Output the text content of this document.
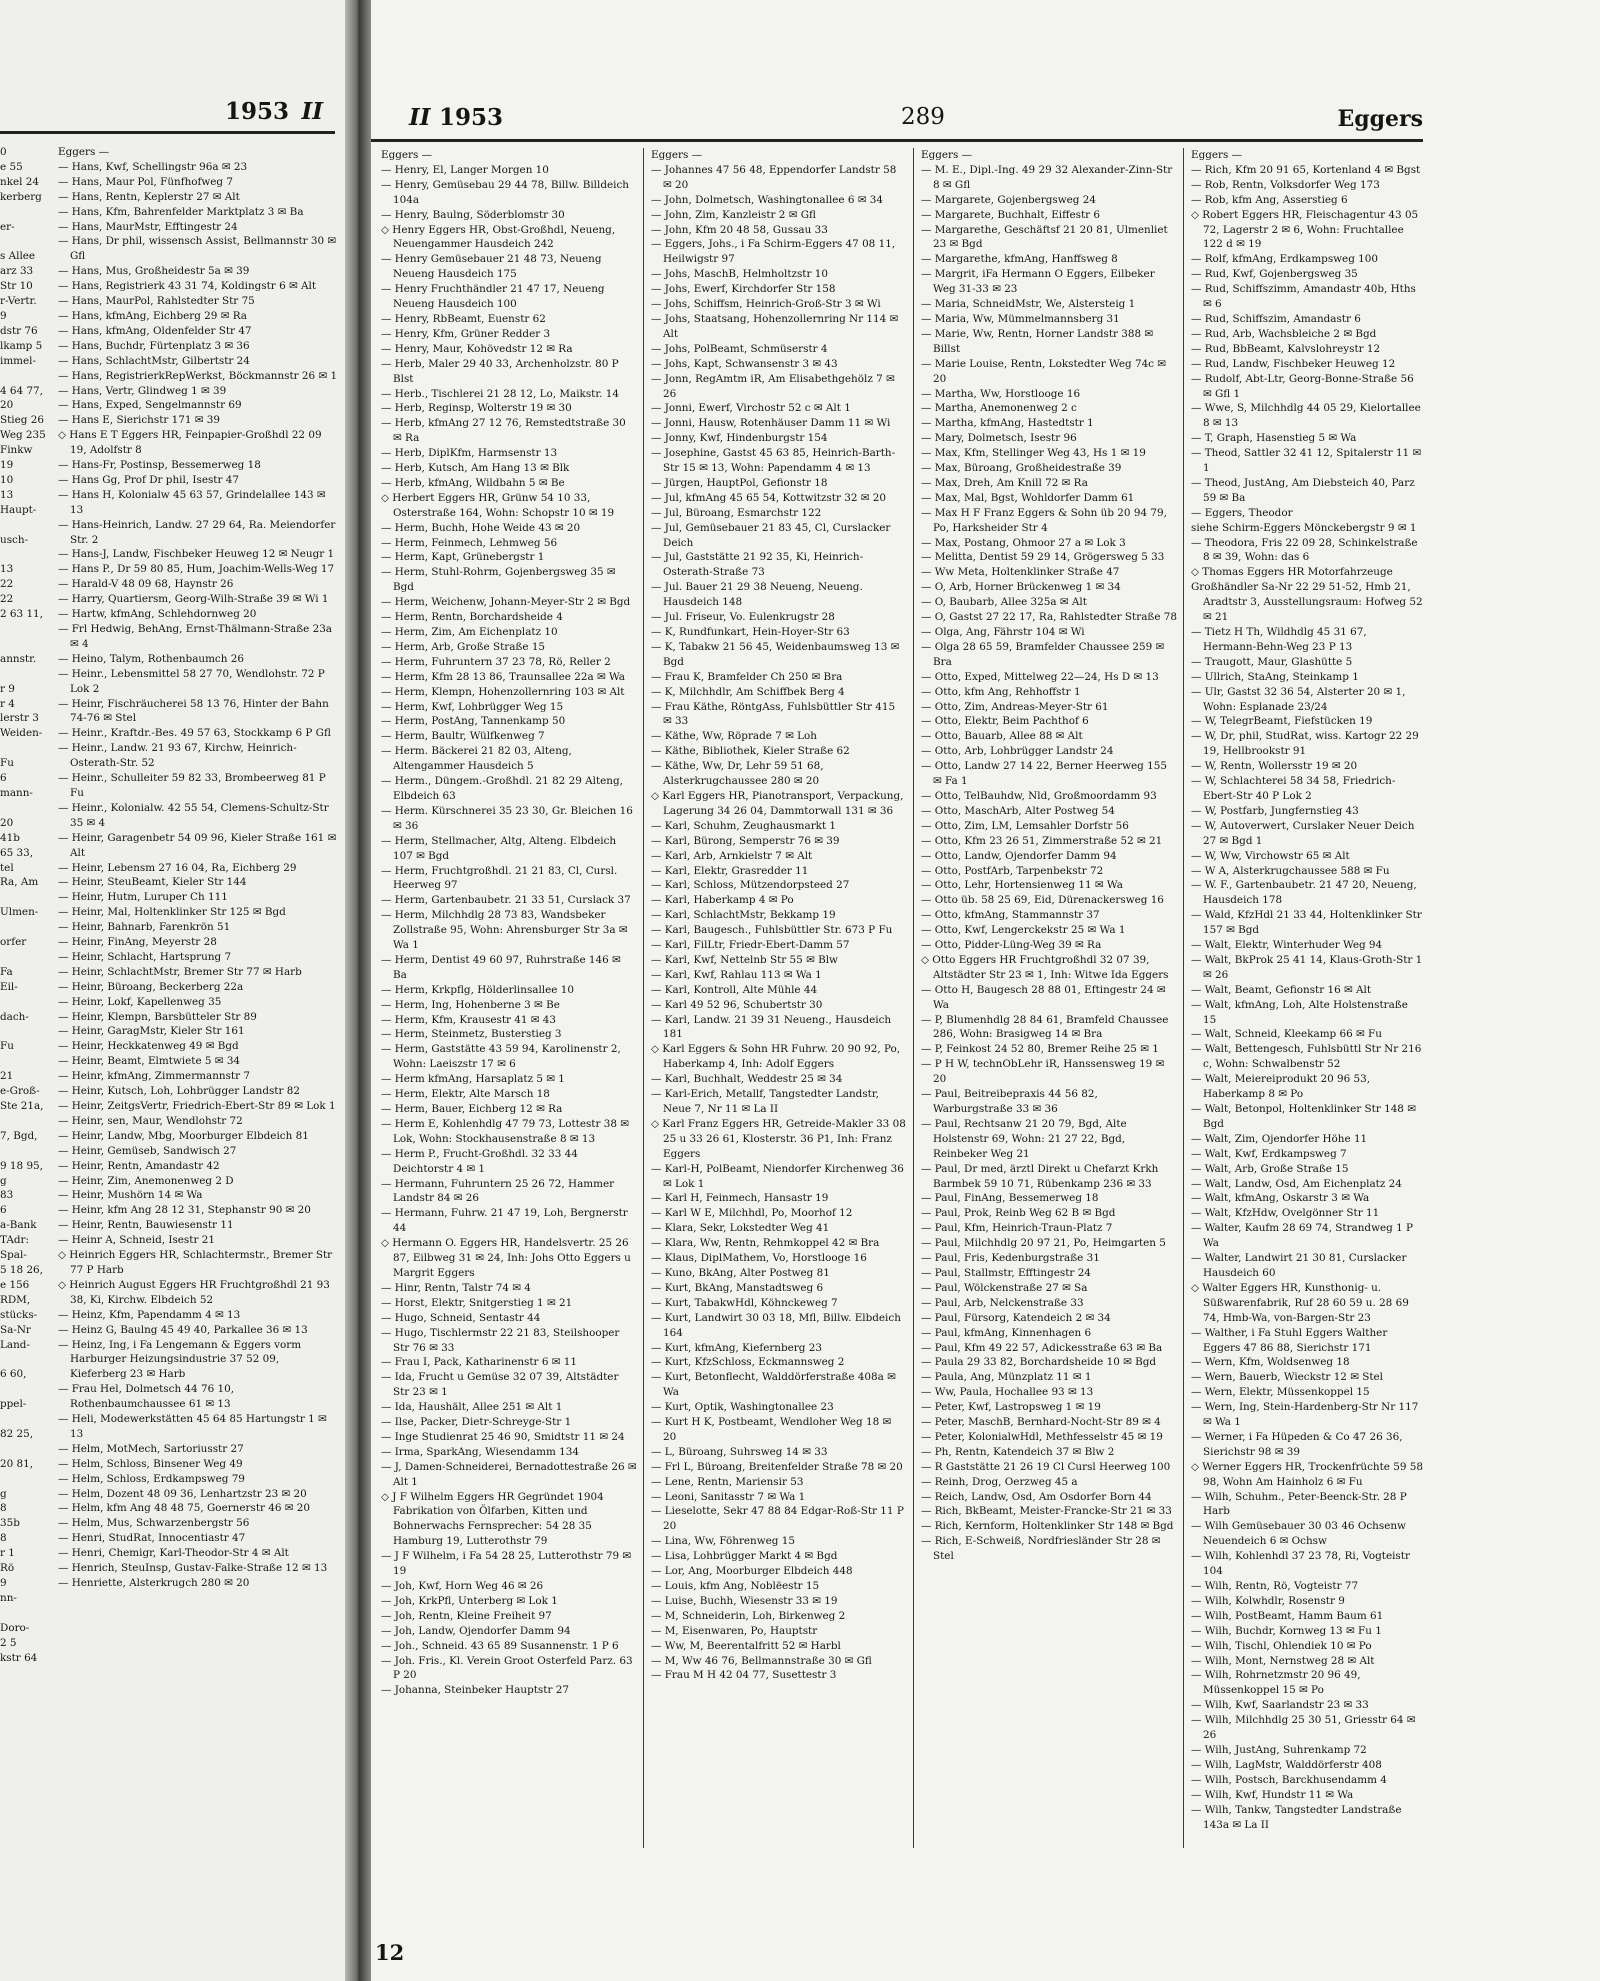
1953 II
0
e 55
nkel 24
kerberg

er-

s Allee
arz 33
Str 10
r-Vertr.
9
dstr 76
lkamp 5
immel-

4 64 77,
20
Stieg 26
Weg 235
Finkw
19
10
13
Haupt-

usch-

13
22
22
2 63 11,

annstr.

r 9
r 4
lerstr 3
Weiden-

Fu
6
mann-

20
41b
65 33,
tel
Ra, Am

Ulmen-

orfer

Fa
Eil-

dach-

Fu

21
e-Groß-
Ste 21a,

7, Bgd,

9 18 95,
g
83
6
a-Bank
TAdr:
Spal-
5 18 26,
e 156
RDM,
stücks-
Sa-Nr
Land-

6 60,

ppel-

82 25,

20 81,

g
8
35b
8
r 1
Rö
9
nn-

Doro-
2 5
kstr 64
Eggers —
— Hans, Kwf, Schellingstr 96a ✉ 23
— Hans, Maur Pol, Fünfhofweg 7
— Hans, Rentn, Keplerstr 27 ✉ Alt
— Hans, Kfm, Bahrenfelder Marktplatz 3 ✉ Ba
— Hans, MaurMstr, Efftingestr 24
— Hans, Dr phil, wissensch Assist, Bellmannstr 30 ✉ Gfl
— Hans, Mus, Großheidestr 5a ✉ 39
— Hans, Registrierk 43 31 74, Koldingstr 6 ✉ Alt
— Hans, MaurPol, Rahlstedter Str 75
— Hans, kfmAng, Eichberg 29 ✉ Ra
— Hans, kfmAng, Oldenfelder Str 47
— Hans, Buchdr, Fürtenplatz 3 ✉ 36
— Hans, SchlachtMstr, Gilbertstr 24
— Hans, RegistrierkRepWerkst, Böckmannstr 26 ✉ 1
— Hans, Vertr, Glindweg 1 ✉ 39
— Hans, Exped, Sengelmannstr 69
— Hans E, Sierichstr 171 ✉ 39
◇ Hans E T Eggers HR, Feinpapier-Großhdl 22 09 19, Adolfstr 8
— Hans-Fr, Postinsp, Bessemerweg 18
— Hans Gg, Prof Dr phil, Isestr 47
— Hans H, Kolonialw 45 63 57, Grindelallee 143 ✉ 13
— Hans-Heinrich, Landw. 27 29 64, Ra. Meiendorfer Str. 2
— Hans-J, Landw, Fischbeker Heuweg 12 ✉ Neugr 1
— Hans P., Dr 59 80 85, Hum, Joachim-Wells-Weg 17
— Harald-V 48 09 68, Haynstr 26
— Harry, Quartiersm, Georg-Wilh-Straße 39 ✉ Wi 1
— Hartw, kfmAng, Schlehdornweg 20
— Frl Hedwig, BehAng, Ernst-Thälmann-Straße 23a ✉ 4
— Heino, Talym, Rothenbaumch 26
— Heinr., Lebensmittel 58 27 70, Wendlohstr. 72 P Lok 2
— Heinr, Fischräucherei 58 13 76, Hinter der Bahn 74-76 ✉ Stel
— Heinr., Kraftdr.-Bes. 49 57 63, Stockkamp 6 P Gfl
— Heinr., Landw. 21 93 67, Kirchw, Heinrich-Osterath-Str. 52
— Heinr., Schulleiter 59 82 33, Brombeerweg 81 P Fu
— Heinr., Kolonialw. 42 55 54, Clemens-Schultz-Str 35 ✉ 4
— Heinr, Garagenbetr 54 09 96, Kieler Straße 161 ✉ Alt
— Heinr, Lebensm 27 16 04, Ra, Eichberg 29
— Heinr, SteuBeamt, Kieler Str 144
— Heinr, Hutm, Luruper Ch 111
— Heinr, Mal, Holtenklinker Str 125 ✉ Bgd
— Heinr, Bahnarb, Farenkrön 51
— Heinr, FinAng, Meyerstr 28
— Heinr, Schlacht, Hartsprung 7
— Heinr, SchlachtMstr, Bremer Str 77 ✉ Harb
— Heinr, Büroang, Beckerberg 22a
— Heinr, Lokf, Kapellenweg 35
— Heinr, Klempn, Barsbütteler Str 89
— Heinr, GaragMstr, Kieler Str 161
— Heinr, Heckkatenweg 49 ✉ Bgd
— Heinr, Beamt, Elmtwiete 5 ✉ 34
— Heinr, kfmAng, Zimmermannstr 7
— Heinr, Kutsch, Loh, Lohbrügger Landstr 82
— Heinr, ZeitgsVertr, Friedrich-Ebert-Str 89 ✉ Lok 1
— Heinr, sen, Maur, Wendlohstr 72
— Heinr, Landw, Mbg, Moorburger Elbdeich 81
— Heinr, Gemüseb, Sandwisch 27
— Heinr, Rentn, Amandastr 42
— Heinr, Zim, Anemonenweg 2 D
— Heinr, Mushörn 14 ✉ Wa
— Heinr, kfm Ang 28 12 31, Stephanstr 90 ✉ 20
— Heinr, Rentn, Bauwiesenstr 11
— Heinr A, Schneid, Isestr 21
◇ Heinrich Eggers HR, Schlachtermstr., Bremer Str 77 P Harb
◇ Heinrich August Eggers HR Fruchtgroßhdl 21 93 38, Ki, Kirchw. Elbdeich 52
— Heinz, Kfm, Papendamm 4 ✉ 13
— Heinz G, Baulng 45 49 40, Parkallee 36 ✉ 13
— Heinz, Ing, i Fa Lengemann & Eggers vorm Harburger Heizungsindustrie 37 52 09, Kieferberg 23 ✉ Harb
— Frau Hel, Dolmetsch 44 76 10, Rothenbaumchaussee 61 ✉ 13
— Heli, Modewerkstätten 45 64 85 Hartungstr 1 ✉ 13
— Helm, MotMech, Sartoriusstr 27
— Helm, Schloss, Binsener Weg 49
— Helm, Schloss, Erdkampsweg 79
— Helm, Dozent 48 09 36, Lenhartzstr 23 ✉ 20
— Helm, kfm Ang 48 48 75, Goernerstr 46 ✉ 20
— Helm, Mus, Schwarzenbergstr 56
— Henri, StudRat, Innocentiastr 47
— Henri, Chemigr, Karl-Theodor-Str 4 ✉ Alt
— Henrich, SteuInsp, Gustav-Falke-Straße 12 ✉ 13
— Henriette, Alsterkrugch 280 ✉ 20
II 1953	289	Eggers
Eggers —
— Henry, El, Langer Morgen 10
— Henry, Gemüsebau 29 44 78, Billw. Billdeich 104a
— Henry, Baulng, Söderblomstr 30
◇ Henry Eggers HR, Obst-Großhdl, Neueng, Neuengammer Hausdeich 242
— Henry Gemüsebauer 21 48 73, Neueng Neueng Hausdeich 175
— Henry Fruchthändler 21 47 17, Neueng Neueng Hausdeich 100
— Henry, RbBeamt, Euenstr 62
— Henry, Kfm, Grüner Redder 3
— Henry, Maur, Kohövedstr 12 ✉ Ra
— Herb, Maler 29 40 33, Archenholzstr. 80 P Blst
— Herb., Tischlerei 21 28 12, Lo, Maikstr. 14
— Herb, Reginsp, Wolterstr 19 ✉ 30
— Herb, kfmAng 27 12 76, Remstedtstraße 30 ✉ Ra
— Herb, DiplKfm, Harmsenstr 13
— Herb, Kutsch, Am Hang 13 ✉ Blk
— Herb, kfmAng, Wildbahn 5 ✉ Be
◇ Herbert Eggers HR, Grünw 54 10 33, Osterstraße 164, Wohn: Schopstr 10 ✉ 19
— Herm, Buchh, Hohe Weide 43 ✉ 20
— Herm, Feinmech, Lehmweg 56
— Herm, Kapt, Grünebergstr 1
— Herm, Stuhl-Rohrm, Gojenbergsweg 35 ✉ Bgd
— Herm, Weichenw, Johann-Meyer-Str 2 ✉ Bgd
— Herm, Rentn, Borchardsheide 4
— Herm, Zim, Am Eichenplatz 10
— Herm, Arb, Große Straße 15
— Herm, Fuhruntern 37 23 78, Rö, Reller 2
— Herm, Kfm 28 13 86, Traunsallee 22a ✉ Wa
— Herm, Klempn, Hohenzollernring 103 ✉ Alt
— Herm, Kwf, Lohbrügger Weg 15
— Herm, PostAng, Tannenkamp 50
— Herm, Baultr, Wülfkenweg 7
— Herm. Bäckerei 21 82 03, Alteng, Altengammer Hausdeich 5
— Herm., Düngem.-Großhdl. 21 82 29 Alteng, Elbdeich 63
— Herm. Kürschnerei 35 23 30, Gr. Bleichen 16 ✉ 36
— Herm, Stellmacher, Altg, Alteng. Elbdeich 107 ✉ Bgd
— Herm, Fruchtgroßhdl. 21 21 83, Cl, Cursl. Heerweg 97
— Herm, Gartenbaubetr. 21 33 51, Curslack 37
— Herm, Milchhdlg 28 73 83, Wandsbeker Zollstraße 95, Wohn: Ahrensburger Str 3a ✉ Wa 1
— Herm, Dentist 49 60 97, Ruhrstraße 146 ✉ Ba
— Herm, Krkpflg, Hölderlinsallee 10
— Herm, Ing, Hohenberne 3 ✉ Be
— Herm, Kfm, Krausestr 41 ✉ 43
— Herm, Steinmetz, Busterstieg 3
— Herm, Gaststätte 43 59 94, Karolinenstr 2, Wohn: Laeiszstr 17 ✉ 6
— Herm kfmAng, Harsaplatz 5 ✉ 1
— Herm, Elektr, Alte Marsch 18
— Herm, Bauer, Eichberg 12 ✉ Ra
— Herm E, Kohlenhdlg 47 79 73, Lottestr 38 ✉ Lok, Wohn: Stockhausenstraße 8 ✉ 13
— Herm P., Frucht-Großhdl. 32 33 44 Deichtorstr 4 ✉ 1
— Hermann, Fuhruntern 25 26 72, Hammer Landstr 84 ✉ 26
— Hermann, Fuhrw. 21 47 19, Loh, Bergnerstr 44
◇ Hermann O. Eggers HR, Handelsvertr. 25 26 87, Eilbweg 31 ✉ 24, Inh: Johs Otto Eggers u Margrit Eggers
— Hinr, Rentn, Talstr 74 ✉ 4
— Horst, Elektr, Snitgerstieg 1 ✉ 21
— Hugo, Schneid, Sentastr 44
— Hugo, Tischlermstr 22 21 83, Steilshooper Str 76 ✉ 33
— Frau I, Pack, Katharinenstr 6 ✉ 11
— Ida, Frucht u Gemüse 32 07 39, Altstädter Str 23 ✉ 1
— Ida, Haushält, Allee 251 ✉ Alt 1
— Ilse, Packer, Dietr-Schreyge-Str 1
— Inge Studienrat 25 46 90, Smidtstr 11 ✉ 24
— Irma, SparkAng, Wiesendamm 134
— J, Damen-Schneiderei, Bernadottestraße 26 ✉ Alt 1
◇ J F Wilhelm Eggers HR Gegründet 1904 Fabrikation von Ölfarben, Kitten und Bohnerwachs Fernsprecher: 54 28 35 Hamburg 19, Lutterothstr 79
— J F Wilhelm, i Fa 54 28 25, Lutterothstr 79 ✉ 19
— Joh, Kwf, Horn Weg 46 ✉ 26
— Joh, KrkPfl, Unterberg ✉ Lok 1
— Joh, Rentn, Kleine Freiheit 97
— Joh, Landw, Ojendorfer Damm 94
— Joh., Schneid. 43 65 89 Susannenstr. 1 P 6
— Joh. Fris., Kl. Verein Groot Osterfeld Parz. 63 P 20
— Johanna, Steinbeker Hauptstr 27
Eggers —
— Johannes 47 56 48, Eppendorfer Landstr 58 ✉ 20
— John, Dolmetsch, Washingtonallee 6 ✉ 34
— John, Zim, Kanzleistr 2 ✉ Gfl
— John, Kfm 20 48 58, Gussau 33
— Eggers, Johs., i Fa Schirm-Eggers 47 08 11, Heilwigstr 97
— Johs, MaschB, Helmholtzstr 10
— Johs, Ewerf, Kirchdorfer Str 158
— Johs, Schiffsm, Heinrich-Groß-Str 3 ✉ Wi
— Johs, Staatsang, Hohenzollernring Nr 114 ✉ Alt
— Johs, PolBeamt, Schmüserstr 4
— Johs, Kapt, Schwansenstr 3 ✉ 43
— Jonn, RegAmtm iR, Am Elisabethgehölz 7 ✉ 26
— Jonni, Ewerf, Virchostr 52 c ✉ Alt 1
— Jonni, Hausw, Rotenhäuser Damm 11 ✉ Wi
— Jonny, Kwf, Hindenburgstr 154
— Josephine, Gastst 45 63 85, Heinrich-Barth-Str 15 ✉ 13, Wohn: Papendamm 4 ✉ 13
— Jürgen, HauptPol, Gefionstr 18
— Jul, kfmAng 45 65 54, Kottwitzstr 32 ✉ 20
— Jul, Büroang, Esmarchstr 122
— Jul, Gemüsebauer 21 83 45, Cl, Curslacker Deich
— Jul, Gaststätte 21 92 35, Ki, Heinrich-Osterath-Straße 73
— Jul. Bauer 21 29 38 Neueng, Neueng. Hausdeich 148
— Jul. Friseur, Vo. Eulenkrugstr 28
— K, Rundfunkart, Hein-Hoyer-Str 63
— K, Tabakw 21 56 45, Weidenbaumsweg 13 ✉ Bgd
— Frau K, Bramfelder Ch 250 ✉ Bra
— K, Milchhdlr, Am Schiffbek Berg 4
— Frau Käthe, RöntgAss, Fuhlsbüttler Str 415 ✉ 33
— Käthe, Ww, Röprade 7 ✉ Loh
— Käthe, Bibliothek, Kieler Straße 62
— Käthe, Ww, Dr, Lehr 59 51 68, Alsterkrugchaussee 280 ✉ 20
◇ Karl Eggers HR, Pianotransport, Verpackung, Lagerung 34 26 04, Dammtorwall 131 ✉ 36
— Karl, Schuhm, Zeughausmarkt 1
— Karl, Bürong, Semperstr 76 ✉ 39
— Karl, Arb, Arnkielstr 7 ✉ Alt
— Karl, Elektr, Grasredder 11
— Karl, Schloss, Mützendorpsteed 27
— Karl, Haberkamp 4 ✉ Po
— Karl, SchlachtMstr, Bekkamp 19
— Karl, Baugesch., Fuhlsbüttler Str. 673 P Fu
— Karl, FilLtr, Friedr-Ebert-Damm 57
— Karl, Kwf, Nettelnb Str 55 ✉ Blw
— Karl, Kwf, Rahlau 113 ✉ Wa 1
— Karl, Kontroll, Alte Mühle 44
— Karl 49 52 96, Schubertstr 30
— Karl, Landw. 21 39 31 Neueng., Hausdeich 181
◇ Karl Eggers & Sohn HR Fuhrw. 20 90 92, Po, Haberkamp 4, Inh: Adolf Eggers
— Karl, Buchhalt, Weddestr 25 ✉ 34
— Karl-Erich, Metallf, Tangstedter Landstr, Neue 7, Nr 11 ✉ La II
◇ Karl Franz Eggers HR, Getreide-Makler 33 08 25 u 33 26 61, Klosterstr. 36 P1, Inh: Franz Eggers
— Karl-H, PolBeamt, Niendorfer Kirchenweg 36 ✉ Lok 1
— Karl H, Feinmech, Hansastr 19
— Karl W E, Milchhdl, Po, Moorhof 12
— Klara, Sekr, Lokstedter Weg 41
— Klara, Ww, Rentn, Rehmkoppel 42 ✉ Bra
— Klaus, DiplMathem, Vo, Horstlooge 16
— Kuno, BkAng, Alter Postweg 81
— Kurt, BkAng, Manstadtsweg 6
— Kurt, TabakwHdl, Köhnckeweg 7
— Kurt, Landwirt 30 03 18, Mfl, Billw. Elbdeich 164
— Kurt, kfmAng, Kiefernberg 23
— Kurt, KfzSchloss, Eckmannsweg 2
— Kurt, Betonflecht, Walddörferstraße 408a ✉ Wa
— Kurt, Optik, Washingtonallee 23
— Kurt H K, Postbeamt, Wendloher Weg 18 ✉ 20
— L, Büroang, Suhrsweg 14 ✉ 33
— Frl L, Büroang, Breitenfelder Straße 78 ✉ 20
— Lene, Rentn, Mariensir 53
— Leoni, Sanitasstr 7 ✉ Wa 1
— Lieselotte, Sekr 47 88 84 Edgar-Roß-Str 11 P 20
— Lina, Ww, Föhrenweg 15
— Lisa, Lohbrügger Markt 4 ✉ Bgd
— Lor, Ang, Moorburger Elbdeich 448
— Louis, kfm Ang, Noblëestr 15
— Luise, Buchh, Wiesenstr 33 ✉ 19
— M, Schneiderin, Loh, Birkenweg 2
— M, Eisenwaren, Po, Hauptstr
— Ww, M, Beerentalfritt 52 ✉ Harbl
— M, Ww 46 76, Bellmannstraße 30 ✉ Gfl
— Frau M H 42 04 77, Susettestr 3
Eggers —
— M. E., Dipl.-Ing. 49 29 32 Alexander-Zinn-Str 8 ✉ Gfl
— Margarete, Gojenbergsweg 24
— Margarete, Buchhalt, Eiffestr 6
— Margarethe, Geschäftsf 21 20 81, Ulmenliet 23 ✉ Bgd
— Margarethe, kfmAng, Hanffsweg 8
— Margrit, iFa Hermann O Eggers, Eilbeker Weg 31-33 ✉ 23
— Maria, SchneidMstr, We, Alstersteig 1
— Maria, Ww, Mümmelmannsberg 31
— Marie, Ww, Rentn, Horner Landstr 388 ✉ Billst
— Marie Louise, Rentn, Lokstedter Weg 74c ✉ 20
— Martha, Ww, Horstlooge 16
— Martha, Anemonenweg 2 c
— Martha, kfmAng, Hastedtstr 1
— Mary, Dolmetsch, Isestr 96
— Max, Kfm, Stellinger Weg 43, Hs 1 ✉ 19
— Max, Büroang, Großheidestraße 39
— Max, Dreh, Am Knill 72 ✉ Ra
— Max, Mal, Bgst, Wohldorfer Damm 61
— Max H F Franz Eggers & Sohn üb 20 94 79, Po, Harksheider Str 4
— Max, Postang, Ohmoor 27 a ✉ Lok 3
— Melitta, Dentist 59 29 14, Grögersweg 5 33
— Ww Meta, Holtenklinker Straße 47
— O, Arb, Horner Brückenweg 1 ✉ 34
— O, Baubarb, Allee 325a ✉ Alt
— O, Gastst 27 22 17, Ra, Rahlstedter Straße 78
— Olga, Ang, Fährstr 104 ✉ Wi
— Olga 28 65 59, Bramfelder Chaussee 259 ✉ Bra
— Otto, Exped, Mittelweg 22—24, Hs D ✉ 13
— Otto, kfm Ang, Rehhoffstr 1
— Otto, Zim, Andreas-Meyer-Str 61
— Otto, Elektr, Beim Pachthof 6
— Otto, Bauarb, Allee 88 ✉ Alt
— Otto, Arb, Lohbrügger Landstr 24
— Otto, Landw 27 14 22, Berner Heerweg 155 ✉ Fa 1
— Otto, TelBauhdw, Nld, Großmoordamm 93
— Otto, MaschArb, Alter Postweg 54
— Otto, Zim, LM, Lemsahler Dorfstr 56
— Otto, Kfm 23 26 51, Zimmerstraße 52 ✉ 21
— Otto, Landw, Ojendorfer Damm 94
— Otto, PostfArb, Tarpenbekstr 72
— Otto, Lehr, Hortensienweg 11 ✉ Wa
— Otto üb. 58 25 69, Eid, Dürenackersweg 16
— Otto, kfmAng, Stammannstr 37
— Otto, Kwf, Lengerckekstr 25 ✉ Wa 1
— Otto, Pidder-Lüng-Weg 39 ✉ Ra
◇ Otto Eggers HR Fruchtgroßhdl 32 07 39, Altstädter Str 23 ✉ 1, Inh: Witwe Ida Eggers
— Otto H, Baugesch 28 88 01, Eftingestr 24 ✉ Wa
— P, Blumenhdlg 28 84 61, Bramfeld Chaussee 286, Wohn: Brasigweg 14 ✉ Bra
— P, Feinkost 24 52 80, Bremer Reihe 25 ✉ 1
— P H W, technObLehr iR, Hanssensweg 19 ✉ 20
— Paul, Beitreibepraxis 44 56 82, Warburgstraße 33 ✉ 36
— Paul, Rechtsanw 21 20 79, Bgd, Alte Holstenstr 69, Wohn: 21 27 22, Bgd, Reinbeker Weg 21
— Paul, Dr med, ärztl Direkt u Chefarzt Krkh Barmbek 59 10 71, Rübenkamp 236 ✉ 33
— Paul, FinAng, Bessemerweg 18
— Paul, Prok, Reinb Weg 62 B ✉ Bgd
— Paul, Kfm, Heinrich-Traun-Platz 7
— Paul, Milchhdlg 20 97 21, Po, Heimgarten 5
— Paul, Fris, Kedenburgstraße 31
— Paul, Stallmstr, Efftingestr 24
— Paul, Wölckenstraße 27 ✉ Sa
— Paul, Arb, Nelckenstraße 33
— Paul, Fürsorg, Katendeich 2 ✉ 34
— Paul, kfmAng, Kinnenhagen 6
— Paul, Kfm 49 22 57, Adickesstraße 63 ✉ Ba
— Paula 29 33 82, Borchardsheide 10 ✉ Bgd
— Paula, Ang, Münzplatz 11 ✉ 1
— Ww, Paula, Hochallee 93 ✉ 13
— Peter, Kwf, Lastropsweg 1 ✉ 19
— Peter, MaschB, Bernhard-Nocht-Str 89 ✉ 4
— Peter, KolonialwHdl, Methfesselstr 45 ✉ 19
— Ph, Rentn, Katendeich 37 ✉ Blw 2
— R Gaststätte 21 26 19 Cl Cursl Heerweg 100
— Reinh, Drog, Oerzweg 45 a
— Reich, Landw, Osd, Am Osdorfer Born 44
— Rich, BkBeamt, Meister-Francke-Str 21 ✉ 33
— Rich, Kernform, Holtenklinker Str 148 ✉ Bgd
— Rich, E-Schweiß, Nordfriesländer Str 28 ✉ Stel
Eggers —
— Rich, Kfm 20 91 65, Kortenland 4 ✉ Bgst
— Rob, Rentn, Volksdorfer Weg 173
— Rob, kfm Ang, Asserstieg 6
◇ Robert Eggers HR, Fleischagentur 43 05 72, Lagerstr 2 ✉ 6, Wohn: Fruchtallee 122 d ✉ 19
— Rolf, kfmAng, Erdkampsweg 100
— Rud, Kwf, Gojenbergsweg 35
— Rud, Schiffszimm, Amandastr 40b, Hths ✉ 6
— Rud, Schiffszim, Amandastr 6
— Rud, Arb, Wachsbleiche 2 ✉ Bgd
— Rud, BbBeamt, Kalvslohreystr 12
— Rud, Landw, Fischbeker Heuweg 12
— Rudolf, Abt-Ltr, Georg-Bonne-Straße 56 ✉ Gfl 1
— Wwe, S, Milchhdlg 44 05 29, Kielortallee 8 ✉ 13
— T, Graph, Hasenstieg 5 ✉ Wa
— Theod, Sattler 32 41 12, Spitalerstr 11 ✉ 1
— Theod, JustAng, Am Diebsteich 40, Parz 59 ✉ Ba
— Eggers, Theodor
siehe Schirm-Eggers Mönckebergstr 9 ✉ 1
— Theodora, Fris 22 09 28, Schinkelstraße 8 ✉ 39, Wohn: das 6
◇ Thomas Eggers HR Motorfahrzeuge
Großhändler Sa-Nr 22 29 51-52, Hmb 21, Aradtstr 3, Ausstellungsraum: Hofweg 52 ✉ 21
— Tietz H Th, Wildhdlg 45 31 67, Hermann-Behn-Weg 23 P 13
— Traugott, Maur, Glashütte 5
— Ullrich, StaAng, Steinkamp 1
— Ulr, Gastst 32 36 54, Alsterter 20 ✉ 1, Wohn: Esplanade 23/24
— W, TelegrBeamt, Fiefstücken 19
— W, Dr, phil, StudRat, wiss. Kartogr 22 29 19, Hellbrookstr 91
— W, Rentn, Wollersstr 19 ✉ 20
— W, Schlachterei 58 34 58, Friedrich-Ebert-Str 40 P Lok 2
— W, Postfarb, Jungfernstieg 43
— W, Autoverwert, Curslaker Neuer Deich 27 ✉ Bgd 1
— W, Ww, Virchowstr 65 ✉ Alt
— W A, Alsterkrugchaussee 588 ✉ Fu
— W. F., Gartenbaubetr. 21 47 20, Neueng, Hausdeich 178
— Wald, KfzHdl 21 33 44, Holtenklinker Str 157 ✉ Bgd
— Walt, Elektr, Winterhuder Weg 94
— Walt, BkProk 25 41 14, Klaus-Groth-Str 1 ✉ 26
— Walt, Beamt, Gefionstr 16 ✉ Alt
— Walt, kfmAng, Loh, Alte Holstenstraße 15
— Walt, Schneid, Kleekamp 66 ✉ Fu
— Walt, Bettengesch, Fuhlsbüttl Str Nr 216 c, Wohn: Schwalbenstr 52
— Walt, Meiereiprodukt 20 96 53, Haberkamp 8 ✉ Po
— Walt, Betonpol, Holtenklinker Str 148 ✉ Bgd
— Walt, Zim, Ojendorfer Höhe 11
— Walt, Kwf, Erdkampsweg 7
— Walt, Arb, Große Straße 15
— Walt, Landw, Osd, Am Eichenplatz 24
— Walt, kfmAng, Oskarstr 3 ✉ Wa
— Walt, KfzHdw, Ovelgönner Str 11
— Walter, Kaufm 28 69 74, Strandweg 1 P Wa
— Walter, Landwirt 21 30 81, Curslacker Hausdeich 60
◇ Walter Eggers HR, Kunsthonig- u. Süßwarenfabrik, Ruf 28 60 59 u. 28 69 74, Hmb-Wa, von-Bargen-Str 23
— Walther, i Fa Stuhl Eggers Walther Eggers 47 86 88, Sierichstr 171
— Wern, Kfm, Woldsenweg 18
— Wern, Bauerb, Wieckstr 12 ✉ Stel
— Wern, Elektr, Müssenkoppel 15
— Wern, Ing, Stein-Hardenberg-Str Nr 117 ✉ Wa 1
— Werner, i Fa Hüpeden & Co 47 26 36, Sierichstr 98 ✉ 39
◇ Werner Eggers HR, Trockenfrüchte 59 58 98, Wohn Am Hainholz 6 ✉ Fu
— Wilh, Schuhm., Peter-Beenck-Str. 28 P Harb
— Wilh Gemüsebauer 30 03 46 Ochsenw Neuendeich 6 ✉ Ochsw
— Wilh, Kohlenhdl 37 23 78, Ri, Vogteistr 104
— Wilh, Rentn, Rö, Vogteistr 77
— Wilh, Kolwhdlr, Rosenstr 9
— Wilh, PostBeamt, Hamm Baum 61
— Wilh, Buchdr, Kornweg 13 ✉ Fu 1
— Wilh, Tischl, Ohlendiek 10 ✉ Po
— Wilh, Mont, Nernstweg 28 ✉ Alt
— Wilh, Rohrnetzmstr 20 96 49, Müssenkoppel 15 ✉ Po
— Wilh, Kwf, Saarlandstr 23 ✉ 33
— Wilh, Milchhdlg 25 30 51, Griesstr 64 ✉ 26
— Wilh, JustAng, Suhrenkamp 72
— Wilh, LagMstr, Walddörferstr 408
— Wilh, Postsch, Barckhusendamm 4
— Wilh, Kwf, Hundstr 11 ✉ Wa
— Wilh, Tankw, Tangstedter Landstraße 143a ✉ La II
12
